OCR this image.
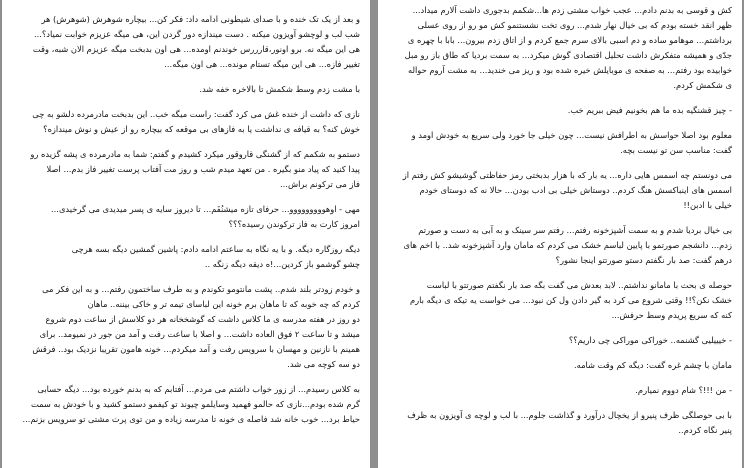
و بعد از یک تک خنده و با صدای شیطونی ادامه داد: فکر کن... بیچاره شوهرش (شوهرش) هر
شب لب و لوچشو آویزون میکنه . دست میندازه دور گردن این، هی میگه عزیزم خوابت نمیاد؟...
هی این میگه نه. برو اونور،قارررس خوندنم اومده... هی اون بدبخت میگه عزیزم الان شبه، وقت
تغییر فازه... هی این میگه تستام مونده... هی اون میگه...
با مشت زدم وسط شکمش تا بالاخره خفه شد.
نازی که داشت از خنده غش می کرد گفت: راست میگه خب.. این بدبخت مادرمرده دلشو به چی
خوش کنه؟ به قیافه ی نداشتت یا به فازهای بی موقعه که بیچاره رو از عیش و نوش میندازه؟
دستمو به شکمم که از گشنگی قاروقور میکرد کشیدم و گفتم: شما به مادرمرده ی پشه گزیده رو
پیدا کنید که پیاد منو بگیره . من تعهد میدم شب و روز مت آفتاب پرست تغییر فاز بدم... اصلا
فاز می ترکونم براش...
مهی - اوهووووووووو... حرفای تازه میشنُفَم... تا دیروز سایه ی پسر میدیدی می گرخیدی...
امروز کارت به فاز ترکوندن رسیده؟؟؟
دیگه روزگاره دیگه. و با یه نگاه به ساعتم ادامه دادم: پاشین گمشین دیگه بسه هرچی
چشو گوشمو باز کردین...!ه دیقه دیگه زنگه ..
و خودم زودتر بلند شدم.. پشت مانتومو تکوندم و به طرف ساختمون رفتم... و به این فکر می
کردم که چه خوبه که تا ماهان برم خونه این لباسای تیمه تر و خاکی بیننه.. ماهان
دو روز در هفته مدرسه ی ما کلاس داشت که گوشخخانه هر دو کلاسش از ساعت دوم شروع
میشد و تا ساعت ۲ فوق العاده داشت... و اصلا با ساعت رفت و آمد من جور در نمیومد.. برای
همینم با نازنین و مهسان با سرویس رفت و آمد میکردم... خونه هامون تقریبا نزدیک بود.. فرقش
دو سه کوچه می شد.
به کلاس رسیدم... از زور خواب داشتم می مردم... آفتابم که به بدنم خورده بود... دیگه حسابی
گرم شده بودم...نازی که حالمو فهمید وسایلمو چیوند تو کیفمو دستمو کشید و با خودش به سمت
حیاط برد... خوب خانه شد فاصله ی خونه تا مدرسه زیاده و من توی پرت مشتی تو سرویس بزنم...
کش و قوسی به بدنم دادم... عجب خواب مشتی زدم ها...شکمم بدجوری داشت آلارم میداد...
ظهر انقد خسته بودم که بی خیال نهار شدم... روی تخت نشستنمو کش مو رو از روی عسلی
برداشتم... موهامو ساده و دم اسبی بالای سرم جمع کردم و از اتاق زدم بیرون... بابا با چهره ی
جدّی و همیشه متفکرش داشت تحلیل اقتصادی گوش میکرد... به سمت بردیا که طاق باز رو مبل
خوابیده بود رفتم... به صفحه ی موبایلش خیره شده بود و ریز می خندید... به مشت آروم حواله
ی شکمش کردم.
- چیز قشنگیه بده ما هم بخونیم فیض ببریم خب.
معلوم بود اصلا حواسش به اطرافش نیست... چون خیلی جا خورد ولی سریع به خودش اومد و
گفت: مناسب سن تو نیست بچه.
می دونستم چه اسمس هایی داره... یه بار که با هزار بدبختی رمز حفاظتی گوشیشو کش رفتم از
اسمس های اینباکسش هنگ کردم.. دوستاش خیلی بی ادب بودن... حالا نه که دوستای خودم
خیلی با ادبن!!
بی خیال بردیا شدم و به سمت آشپزخونه رفتم... رفتم سر سینک و به آبی به دست و صورتم
زدم... دانشجم صورتمو با پایین لباسم خشک می کردم که مامان وارد آشپزخونه شد.. با اخم های
درهم گفت: صد بار نگفتم دستو صورتتو اینجا نشور؟
حوصله ی بحث با مامانو نداشتم.. لابد بعدش می گفت بگه صد بار نگفتم صورتتو با لباست
خشک نکن؟!! وقتی شروع می کرد به گیر دادن ول کن نبود... می خواست یه تیکه ی دیگه بارم
کنه که سریع پریدم وسط حرفش...
- خیییلیی گشنمه.. خوراکی موراکی چی داریم؟؟
مامان با چشم غره گفت: دیگه کم وقت شامه.
- من !!!؟ شام دووم نمیارم.
با بی حوصلگی ظرف پنیرو از یخچال درآورد و گذاشت جلوم... با لب و لوچه ی آویزون به ظرف
پنیر نگاه کردم..
